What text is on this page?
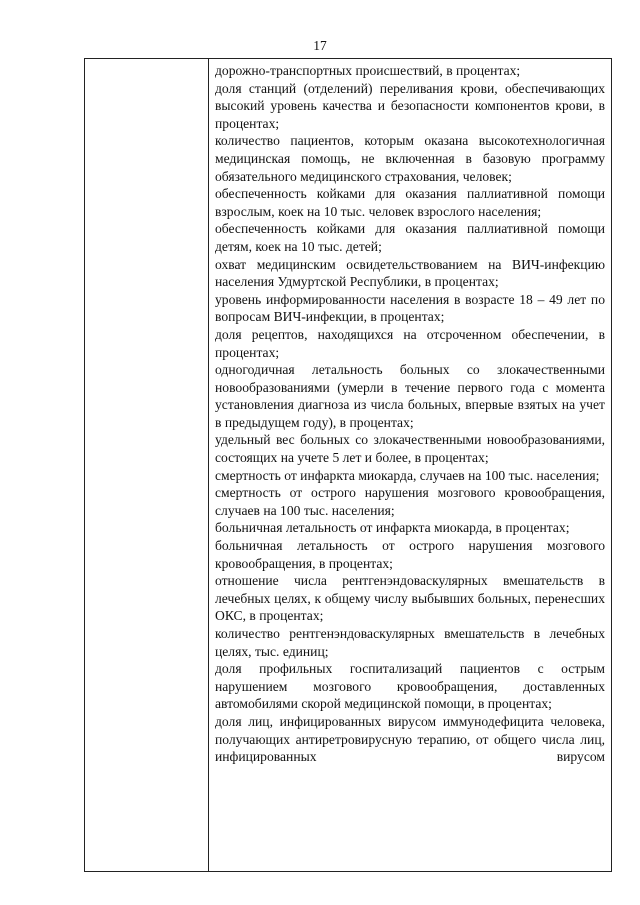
17

дорожно-транспортных происшествий, в процентах;

доля станций (отделений) переливания крови, обеспечивающих высокий уровень качества и безопасности компонентов крови, в процентах;

количество пациентов, которым оказана высокотехнологичная медицинская помощь, не включенная в базовую программу обязательного медицинского страхования, человек;

обеспеченность койками для оказания паллиативной помощи взрослым, коек на 10 тыс. человек взрослого населения;

обеспеченность койками для оказания паллиативной помощи детям, коек на 10 тыс. детей;

охват медицинским освидетельствованием на ВИЧ-инфекцию населения Удмуртской Республики, в процентах;

уровень информированности населения в возрасте 18 – 49 лет по вопросам ВИЧ-инфекции, в процентах;

доля рецептов, находящихся на отсроченном обеспечении, в процентах;

одногодичная летальность больных со злокачественными новообразованиями (умерли в течение первого года с момента установления диагноза из числа больных, впервые взятых на учет в предыдущем году), в процентах;

удельный вес больных со злокачественными новообразованиями, состоящих на учете 5 лет и более, в процентах;

смертность от инфаркта миокарда, случаев на 100 тыс. населения;

смертность от острого нарушения мозгового кровообращения, случаев на 100 тыс. населения;

больничная летальность от инфаркта миокарда, в процентах;

больничная летальность от острого нарушения мозгового кровообращения, в процентах;

отношение числа рентгенэндоваскулярных вмешательств в лечебных целях, к общему числу выбывших больных, перенесших ОКС, в процентах;

количество рентгенэндоваскулярных вмешательств в лечебных целях, тыс. единиц;

доля профильных госпитализаций пациентов с острым нарушением мозгового кровообращения, доставленных автомобилями скорой медицинской помощи, в процентах;

доля лиц, инфицированных вирусом иммунодефицита человека, получающих антиретровирусную терапию, от общего числа лиц, инфицированных вирусом
